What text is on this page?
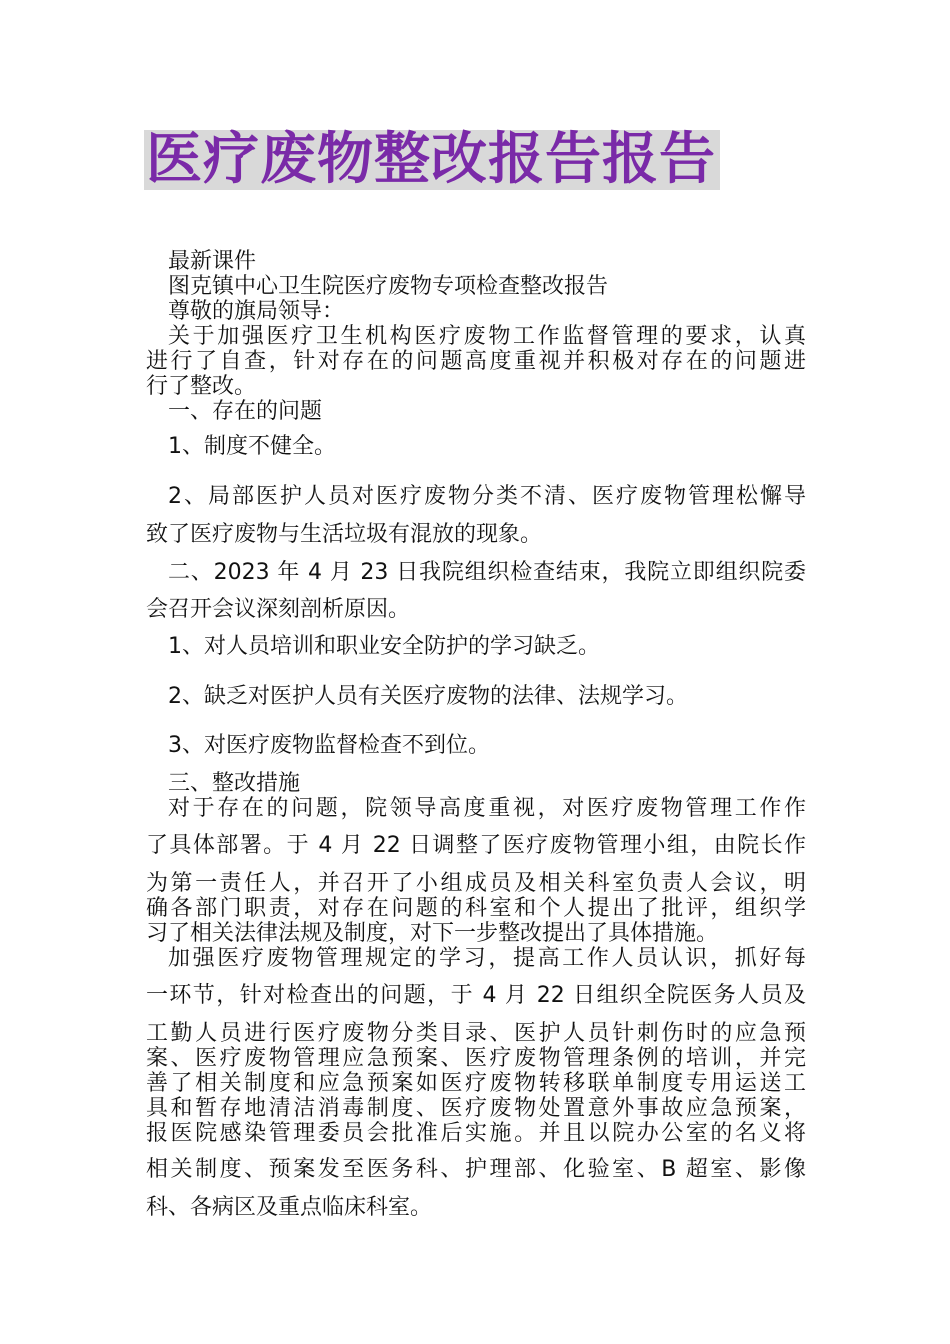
医疗废物整改报告报告
最新课件
图克镇中心卫生院医疗废物专项检查整改报告
尊敬的旗局领导：
关于加强医疗卫生机构医疗废物工作监督管理的要求，认真
进行了自查，针对存在的问题高度重视并积极对存在的问题进
行了整改。
一、存在的问题
1、制度不健全。
2、局部医护人员对医疗废物分类不清、医疗废物管理松懈导
致了医疗废物与生活垃圾有混放的现象。
二、2023 年 4 月 23 日我院组织检查结束，我院立即组织院委
会召开会议深刻剖析原因。
1、对人员培训和职业安全防护的学习缺乏。
2、缺乏对医护人员有关医疗废物的法律、法规学习。
3、对医疗废物监督检查不到位。
三、整改措施
对于存在的问题，院领导高度重视，对医疗废物管理工作作
了具体部署。于 4 月 22 日调整了医疗废物管理小组，由院长作
为第一责任人，并召开了小组成员及相关科室负责人会议，明
确各部门职责，对存在问题的科室和个人提出了批评，组织学
习了相关法律法规及制度，对下一步整改提出了具体措施。
加强医疗废物管理规定的学习，提高工作人员认识，抓好每
一环节，针对检查出的问题，于 4 月 22 日组织全院医务人员及
工勤人员进行医疗废物分类目录、医护人员针刺伤时的应急预
案、医疗废物管理应急预案、医疗废物管理条例的培训，并完
善了相关制度和应急预案如医疗废物转移联单制度专用运送工
具和暂存地清洁消毒制度、医疗废物处置意外事故应急预案，
报医院感染管理委员会批准后实施。并且以院办公室的名义将
相关制度、预案发至医务科、护理部、化验室、B 超室、影像
科、各病区及重点临床科室。
